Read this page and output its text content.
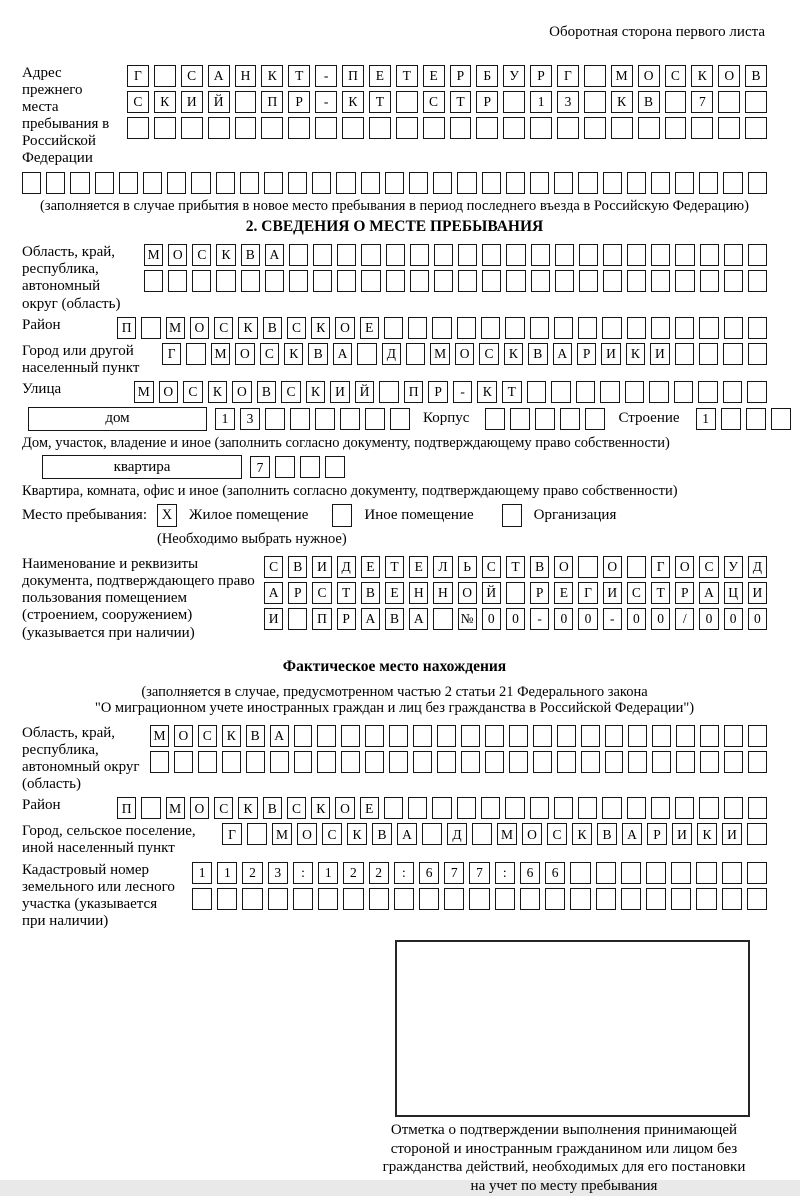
Оборотная сторона первого листа
Адрес прежнего места пребывания в Российской Федерации
Г	С	А	Н	К	Т	-	П	Е	Т	Е	Р	Б	У	Р	Г	М	О	С	К	О	В
С	К	И	Й	П	Р	-	К	Т	С	Т	Р	1	3	К	В	7
(заполняется в случае прибытия в новое место пребывания в период последнего въезда в Российскую Федерацию)
2. СВЕДЕНИЯ О МЕСТЕ ПРЕБЫВАНИЯ
Область, край, республика, автономный округ (область)
М О	С	К	В	А
Район	П	М О	С	К	В	С	К	О	Е
Город или другой населенный пункт
Г	М	О	С	К	В	А	Д	М	О	С	К	В	А	Р	И	К	И
Улица	М	О	С	К	О	В	С	К	И	Й	П	Р	-	К	Т
дом	1	3	Корпус	Строение	1
Дом, участок, владение и иное (заполнить согласно документу, подтверждающему право собственности)
квартира	7
Квартира, комната, офис и иное (заполнить согласно документу, подтверждающему право собственности)
Место пребывания:	X	Жилое помещение	Иное помещение	Организация
(Необходимо выбрать нужное)
Наименование и реквизиты документа, подтверждающего право пользования помещением (строением, сооружением) (указывается при наличии)
С	В	И	Д	Е	Т	Е	Л	Ь	С	Т	В	О	О	Г	О	С	У	Д
А	Р	С	Т	В	Е	Н	Н	О	Й	Р	Е	Г	И	С	Т	Р	А	Ц	И
И	П	Р	А	В	А	№	0	0	-	0	0	-	0	0	/	0	0	0
Фактическое место нахождения
(заполняется в случае, предусмотренном частью 2 статьи 21 Федерального закона
"О миграционном учете иностранных граждан и лиц без гражданства в Российской Федерации")
Область, край, республика, автономный округ (область)
М О	С	К	В	А
Район	П	М О	С	К	В	С	К	О	Е
Город, сельское поселение, иной населенный пункт
Г	М	О	С	К	В	А	Д	М	О	С	К	В	А	Р	И	К	И
Кадастровый номер земельного или лесного участка (указывается при наличии)
1	1	2	3	:	1	2	2	:	6	7	7	:	6	6
Отметка о подтверждении выполнения принимающей
стороной и иностранным гражданином или лицом без
гражданства действий, необходимых для его постановки
на учет по месту пребывания
